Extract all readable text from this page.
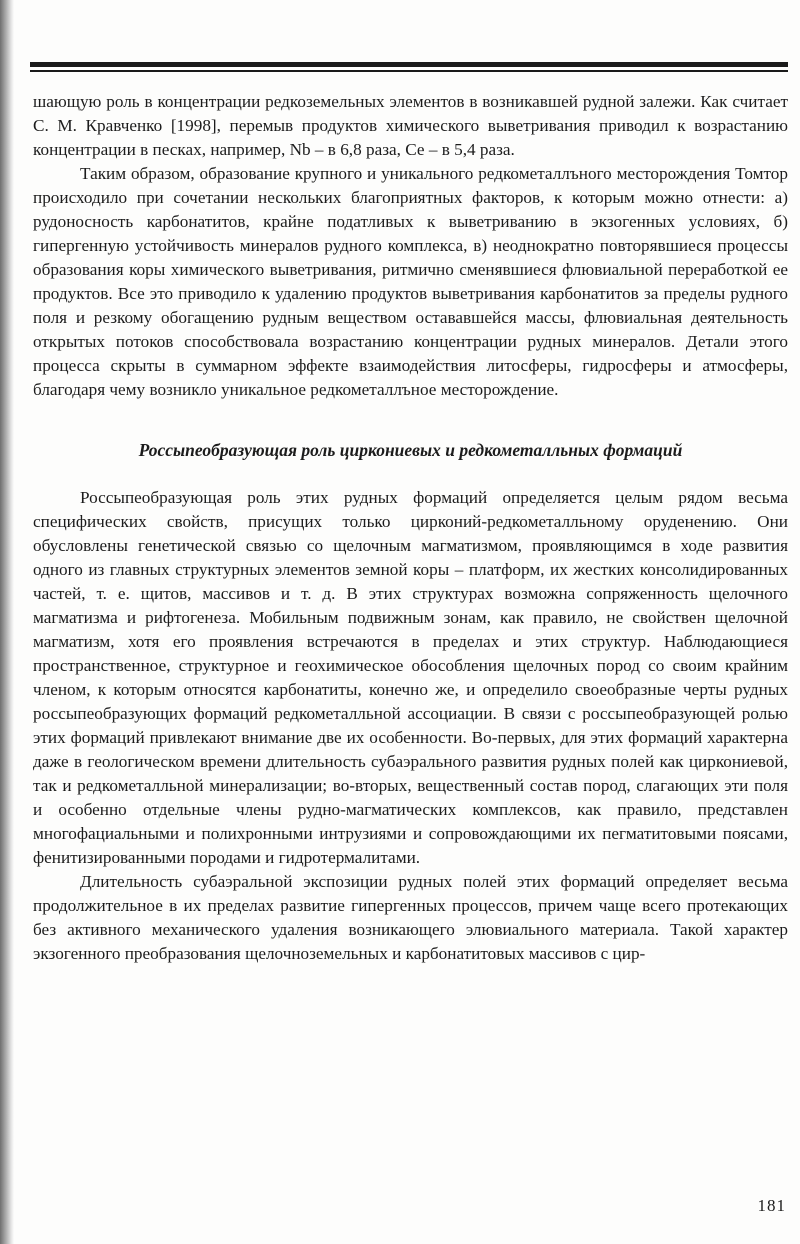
шающую роль в концентрации редкоземельных элементов в возникавшей рудной залежи. Как считает С. М. Кравченко [1998], перемыв продуктов химического выветривания приводил к возрастанию концентрации в песках, например, Nb – в 6,8 раза, Се – в 5,4 раза.

Таким образом, образование крупного и уникального редкометаллъного месторождения Томтор происходило при сочетании нескольких благоприятных факторов, к которым можно отнести: а) рудоносность карбонатитов, крайне податливых к выветриванию в экзогенных условиях, б) гипергенную устойчивость минералов рудного комплекса, в) неоднократно повторявшиеся процессы образования коры химического выветривания, ритмично сменявшиеся флювиальной переработкой ее продуктов. Все это приводило к удалению продуктов выветривания карбонатитов за пределы рудного поля и резкому обогащению рудным веществом остававшейся массы, флювиальная деятельность открытых потоков способствовала возрастанию концентрации рудных минералов. Детали этого процесса скрыты в суммарном эффекте взаимодействия литосферы, гидросферы и атмосферы, благодаря чему возникло уникальное редкометаллъное месторождение.

Россыпеобразующая роль циркониевых и редкометалльных формаций

Россыпеобразующая роль этих рудных формаций определяется целым рядом весьма специфических свойств, присущих только цирконий-редкометалльному оруденению. Они обусловлены генетической связью со щелочным магматизмом, проявляющимся в ходе развития одного из главных структурных элементов земной коры – платформ, их жестких консолидированных частей, т. е. щитов, массивов и т. д. В этих структурах возможна сопряженность щелочного магматизма и рифтогенеза. Мобильным подвижным зонам, как правило, не свойствен щелочной магматизм, хотя его проявления встречаются в пределах и этих структур. Наблюдающиеся пространственное, структурное и геохимическое обособления щелочных пород со своим крайним членом, к которым относятся карбонатиты, конечно же, и определило своеобразные черты рудных россыпеобразующих формаций редкометалльной ассоциации. В связи с россыпеобразующей ролью этих формаций привлекают внимание две их особенности. Во-первых, для этих формаций характерна даже в геологическом времени длительность субаэрального развития рудных полей как циркониевой, так и редкометалльной минерализации; во-вторых, вещественный состав пород, слагающих эти поля и особенно отдельные члены рудно-магматических комплексов, как правило, представлен многофациальными и полихронными интрузиями и сопровождающими их пегматитовыми поясами, фенитизированными породами и гидротермалитами.

Длительность субаэральной экспозиции рудных полей этих формаций определяет весьма продолжительное в их пределах развитие гипергенных процессов, причем чаще всего протекающих без активного механического удаления возникающего элювиального материала. Такой характер экзогенного преобразования щелочноземельных и карбонатитовых массивов с цир-

181
